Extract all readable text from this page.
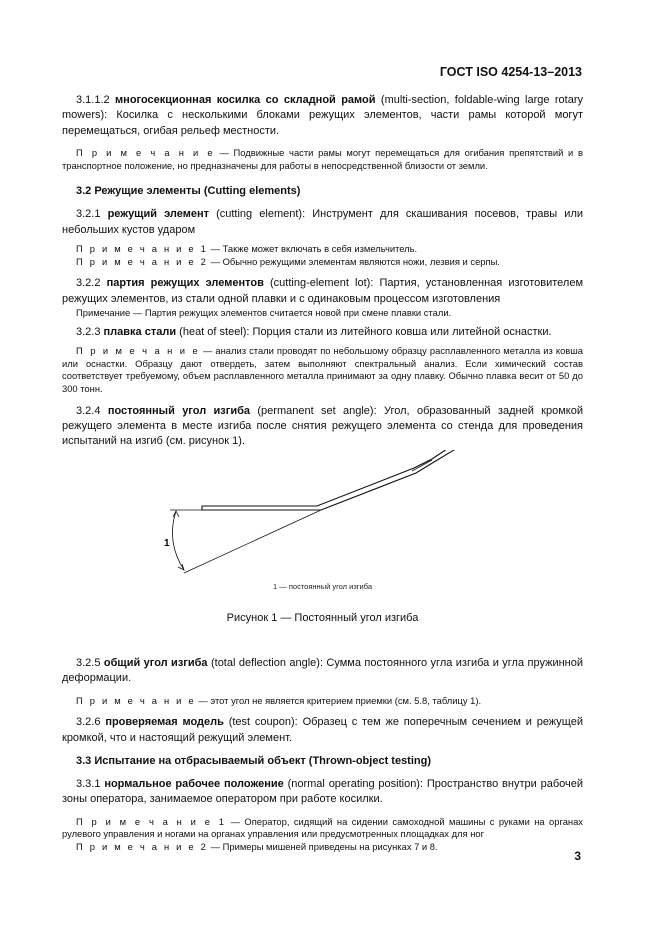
ГОСТ ISO 4254-13–2013

3.1.1.2 многосекционная косилка со складной рамой (multi-section, foldable-wing large rotary mowers): Косилка с несколькими блоками режущих элементов, части рамы которой могут перемещаться, огибая рельеф местности.

П р и м е ч а н и е — Подвижные части рамы могут перемещаться для огибания препятствий и в транспортное положение, но предназначены для работы в непосредственной близости от земли.

3.2 Режущие элементы (Cutting elements)

3.2.1 режущий элемент (cutting element): Инструмент для скашивания посевов, травы или небольших кустов ударом

П р и м е ч а н и е 1 — Также может включать в себя измельчитель.

П р и м е ч а н и е 2 — Обычно режущими элементам являются ножи, лезвия и серпы.

3.2.2 партия режущих элементов (cutting-element lot): Партия, установленная изготовителем режущих элементов, из стали одной плавки и с одинаковым процессом изготовления

Примечание — Партия режущих элементов считается новой при смене плавки стали.

3.2.3 плавка стали (heat of steel): Порция стали из литейного ковша или литейной оснастки.

П р и м е ч а н и е — анализ стали проводят по небольшому образцу расплавленного металла из ковша или оснастки. Образцу дают отвердеть, затем выполняют спектральный анализ. Если химический состав соответствует требуемому, объем расплавленного металла принимают за одну плавку. Обычно плавка весит от 50 до 300 тонн.

3.2.4 постоянный угол изгиба (permanent set angle): Угол, образованный задней кромкой режущего элемента в месте изгиба после снятия режущего элемента со стенда для проведения испытаний на изгиб (см. рисунок 1).

1
1 — постоянный угол изгиба

Рисунок 1 — Постоянный угол изгиба

3.2.5 общий угол изгиба (total deflection angle): Сумма постоянного угла изгиба и угла пружинной деформации.

П р и м е ч а н и е — этот угол не является критерием приемки (см. 5.8, таблицу 1).

3.2.6 проверяемая модель (test coupon): Образец с тем же поперечным сечением и режущей кромкой, что и настоящий режущий элемент.

3.3 Испытание на отбрасываемый объект (Thrown-object testing)

3.3.1 нормальное рабочее положение (normal operating position): Пространство внутри рабочей зоны оператора, занимаемое оператором при работе косилки.

П р и м е ч а н и е 1 — Оператор, сидящий на сидении самоходной машины с руками на органах рулевого управления и ногами на органах управления или предусмотренных площадках для ног

П р и м е ч а н и е 2 — Примеры мишеней приведены на рисунках 7 и 8.

3
